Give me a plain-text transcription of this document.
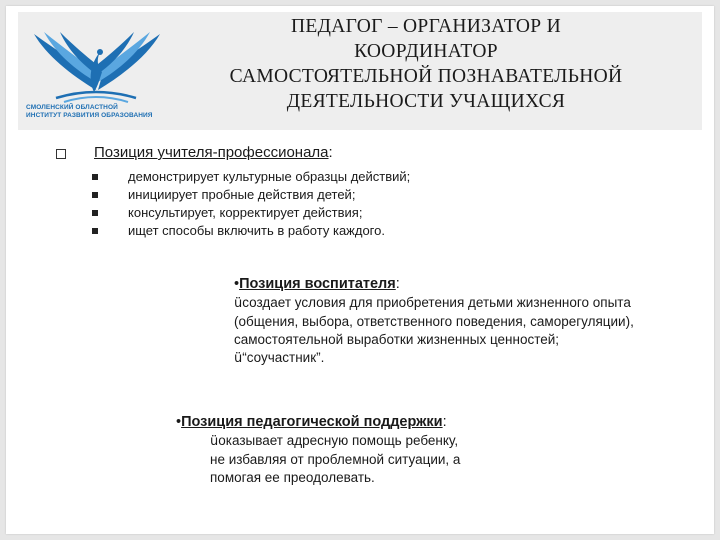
СМОЛЕНСКИЙ ОБЛАСТНОЙ
ИНСТИТУТ РАЗВИТИЯ ОБРАЗОВАНИЯ
ПЕДАГОГ – ОРГАНИЗАТОР И
КООРДИНАТОР
САМОСТОЯТЕЛЬНОЙ ПОЗНАВАТЕЛЬНОЙ
ДЕЯТЕЛЬНОСТИ УЧАЩИХСЯ
Позиция учителя-профессионала:
демонстрирует культурные образцы действий;
инициирует пробные действия детей;
консультирует, корректирует действия;
ищет способы включить в работу каждого.
•Позиция воспитателя:
üсоздает условия для приобретения детьми жизненного опыта
(общения, выбора, ответственного поведения, саморегуляции),
самостоятельной выработки жизненных ценностей;
ü“соучастник”.
•Позиция педагогической поддержки:
üоказывает адресную помощь ребенку,
не избавляя от проблемной ситуации, а
помогая ее преодолевать.
